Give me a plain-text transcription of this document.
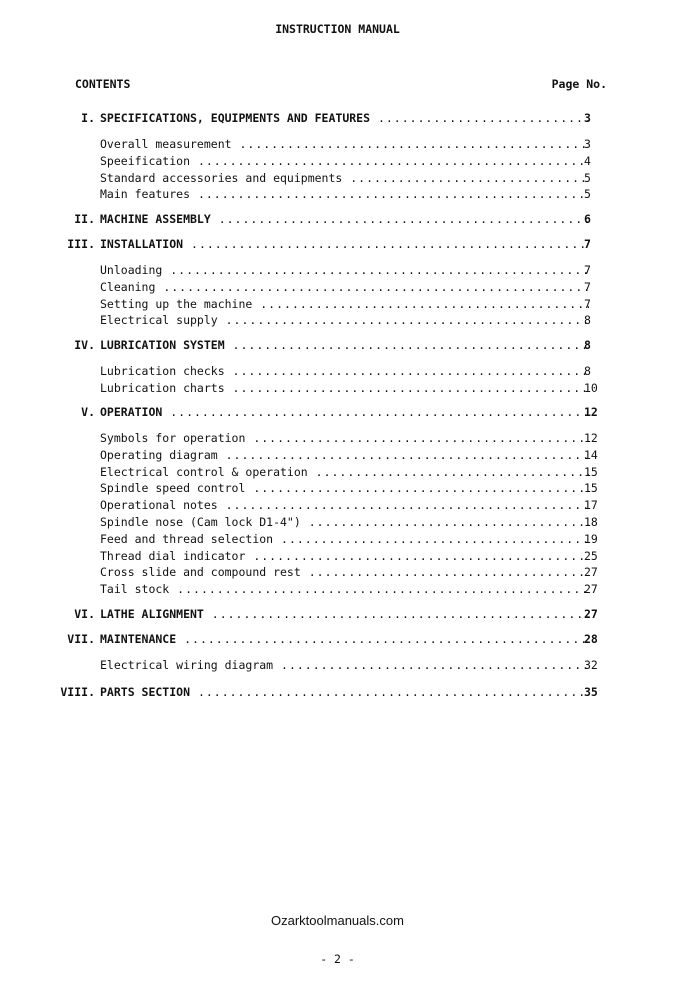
INSTRUCTION MANUAL
CONTENTS	Page No.
I. SPECIFICATIONS, EQUIPMENTS AND FEATURES .....	3
Overall measurement .....	3
Speeification .....	4
Standard accessories and equipments .....	5
Main features .....	5
II. MACHINE ASSEMBLY .....	6
III. INSTALLATION .....	7
Unloading .....	7
Cleaning .....	7
Setting up the machine .....	7
Electrical supply .....	8
IV. LUBRICATION SYSTEM .....	8
Lubrication checks .....	8
Lubrication charts .....	10
V. OPERATION .....	12
Symbols for operation .....	12
Operating diagram .....	14
Electrical control & operation .....	15
Spindle speed control .....	15
Operational notes .....	17
Spindle nose (Cam lock D1-4") .....	18
Feed and thread selection .....	19
Thread dial indicator .....	25
Cross slide and compound rest .....	27
Tail stock .....	27
VI. LATHE ALIGNMENT .....	27
VII. MAINTENANCE .....	28
Electrical wiring diagram .....	32
VIII. PARTS SECTION .....	35
Ozarktoolmanuals.com
- 2 -
